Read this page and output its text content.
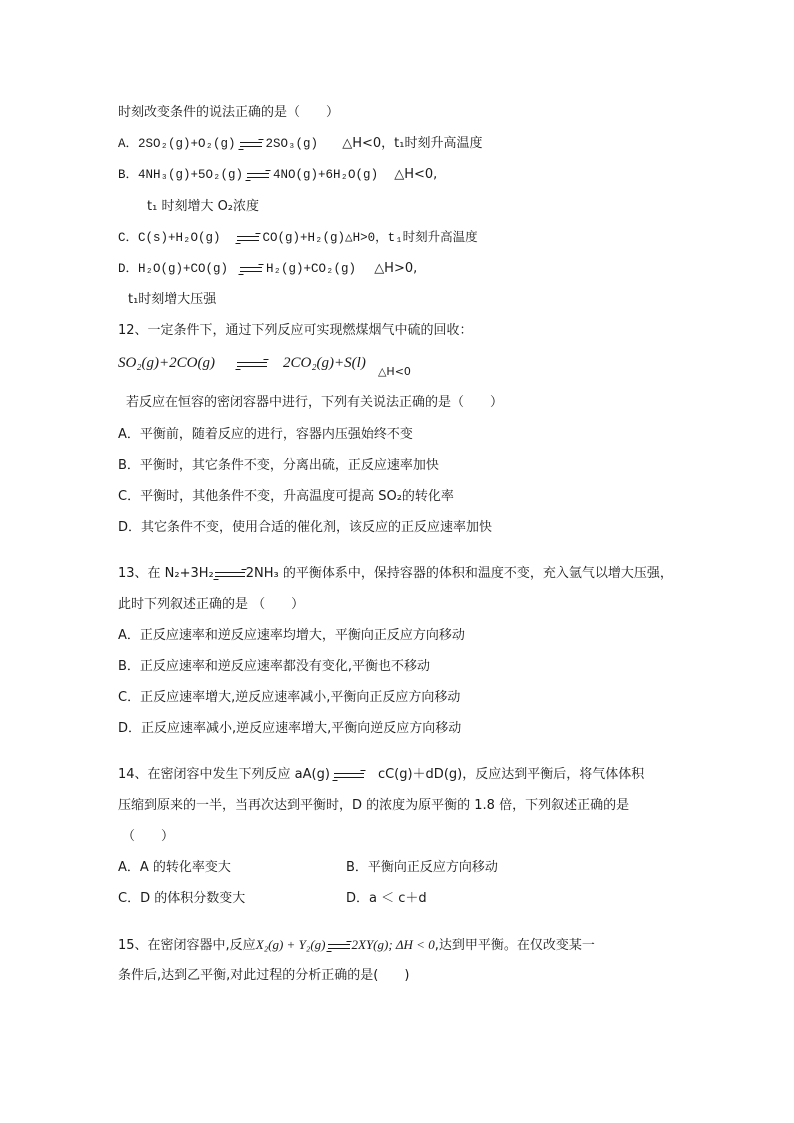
时刻改变条件的说法正确的是（　　）
A．2SO₂(g)+O₂(g) → 2SO₃(g) △H<0，t₁时刻升高温度
B．4NH₃(g)+5O₂(g) → 4NO(g)+6H₂O(g) △H<0,
t₁ 时刻增大 O₂浓度
C．C(s)+H₂O(g) → CO(g)+H₂(g)△H>0，t₁时刻升高温度
D．H₂O(g)+CO(g) → H₂(g)+CO₂(g) △H>0,
t₁时刻增大压强
12、一定条件下，通过下列反应可实现燃煤烟气中硫的回收：
SO₂(g)+2CO(g) → 2CO₂(g)+S(l) $_{\triangle H<0}$
若反应在恒容的密闭容器中进行，下列有关说法正确的是（　　）
A．平衡前，随着反应的进行，容器内压强始终不变
B．平衡时，其它条件不变，分离出硫，正反应速率加快
C．平衡时，其他条件不变，升高温度可提高 SO₂的转化率
D．其它条件不变，使用合适的催化剂，该反应的正反应速率加快
13、在 N₂+3H₂→2NH₃ 的平衡体系中，保持容器的体积和温度不变，充入氩气以增大压强，
此时下列叙述正确的是 （　　）
A．正反应速率和逆反应速率均增大，平衡向正反应方向移动
B．正反应速率和逆反应速率都没有变化,平衡也不移动
C．正反应速率增大,逆反应速率减小,平衡向正反应方向移动
D．正反应速率减小,逆反应速率增大,平衡向逆反应方向移动
14、在密闭容中发生下列反应 aA(g) → cC(g)＋dD(g)，反应达到平衡后，将气体体积
压缩到原来的一半，当再次达到平衡时，D 的浓度为原平衡的 1.8 倍，下列叙述正确的是
（　　）
A．A 的转化率变大	B．平衡向正反应方向移动
C．D 的体积分数变大	D．a ＜ c＋d
15、在密闭容器中,反应X₂(g) + Y₂(g) → 2XY(g); ΔH < 0,达到甲平衡。在仅改变某一
条件后,达到乙平衡,对此过程的分析正确的是(　　)
